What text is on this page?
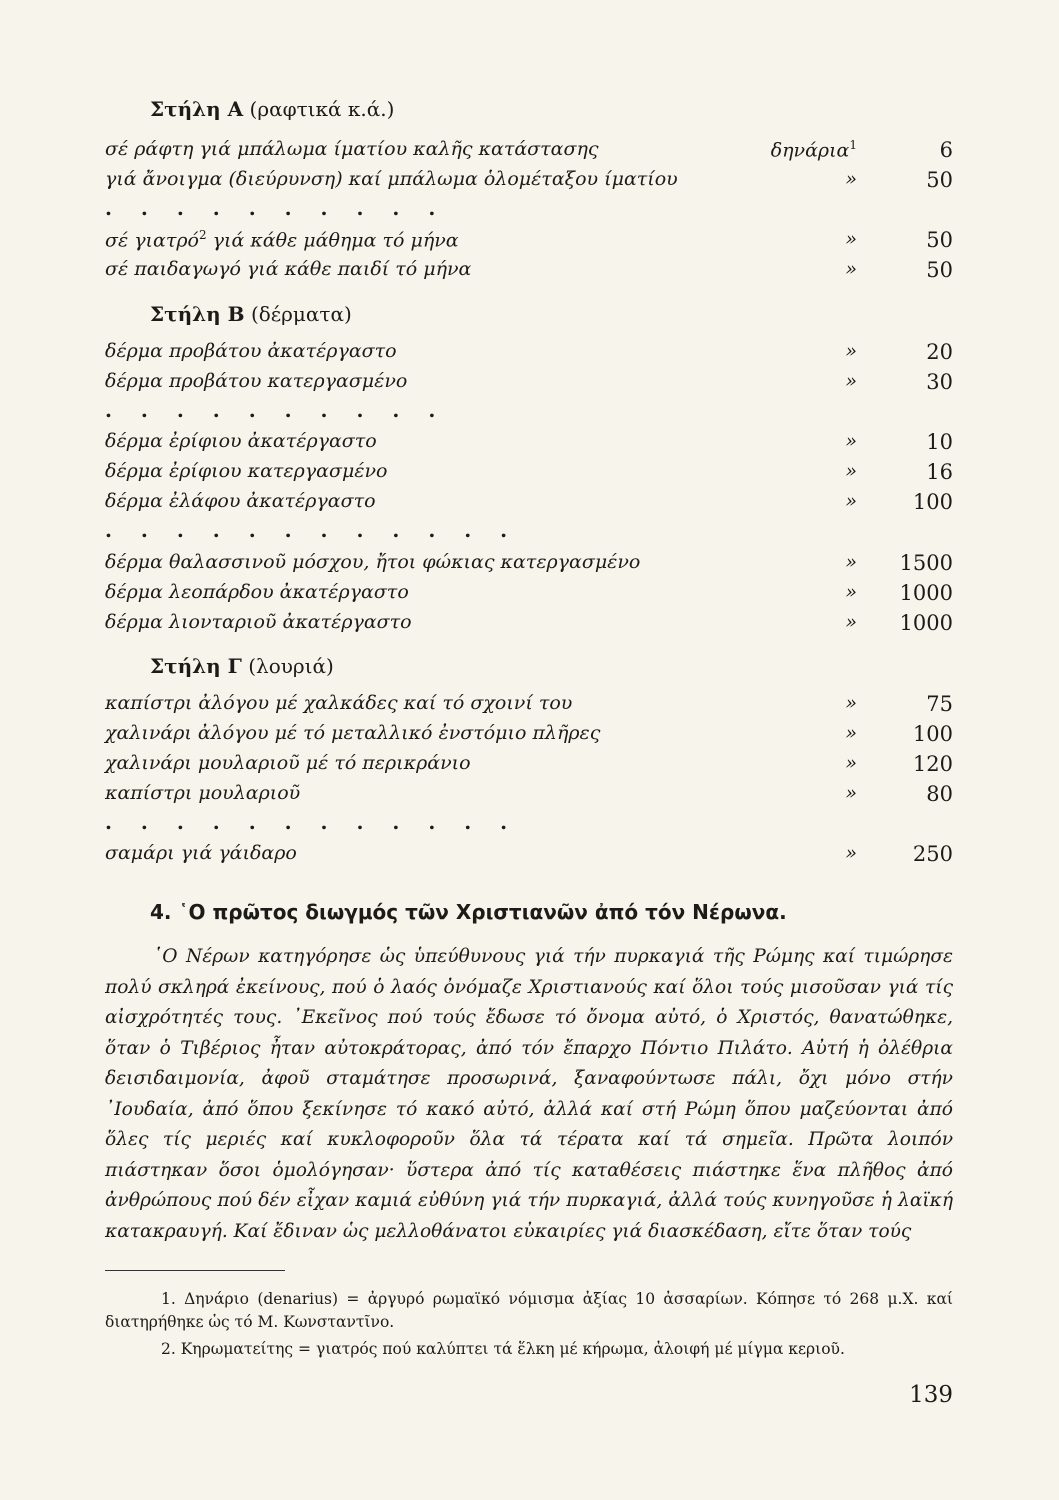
Στήλη Α (ραφτικά κ.ά.)
σέ ράφτη γιά μπάλωμα ίματίου καλῆς κατάστασης	δηνάρια$^1$	6
γιά ἄνοιγμα (διεύρυνση) καί μπάλωμα ὁλομέταξου ίματίου	»	50
. . . . . . . . . .
σέ γιατρό$^2$ γιά κάθε μάθημα τό μήνα	»	50
σέ παιδαγωγό γιά κάθε παιδί τό μήνα	»	50
Στήλη Β (δέρματα)
δέρμα προβάτου ἀκατέργαστο	»	20
δέρμα προβάτου κατεργασμένο	»	30
. . . . . . . . . .
δέρμα ἐρίφιου ἀκατέργαστο	»	10
δέρμα ἐρίφιου κατεργασμένο	»	16
δέρμα ἐλάφου ἀκατέργαστο	»	100
. . . . . . . . . . . .
δέρμα θαλασσινοῦ μόσχου, ἤτοι φώκιας κατεργασμένο	» 1500
δέρμα λεοπάρδου ἀκατέργαστο	» 1000
δέρμα λιονταριοῦ ἀκατέργαστο	» 1000
Στήλη Γ (λουριά)
καπίστρι ἀλόγου μέ χαλκάδες καί τό σχοινί του	»	75
χαλινάρι ἀλόγου μέ τό μεταλλικό ἐνστόμιο πλῆρες	»	100
χαλινάρι μουλαριοῦ μέ τό περικράνιο	»	120
καπίστρι μουλαριοῦ	»	80
. . . . . . . . . . . .
σαμάρι γιά γάιδαρο	»	250
4. ῾Ο πρῶτος διωγμός τῶν Χριστιανῶν ἀπό τόν Νέρωνα.
῾Ο Νέρων κατηγόρησε ὡς ὑπεύθυνους γιά τήν πυρκαγιά τῆς Ρώμης καί τιμώρησε πολύ σκληρά ἐκείνους, πού ὁ λαός ὀνόμαζε Χριστιανούς καί ὅλοι τούς μισοῦσαν γιά τίς αἰσχρότητές τους. ᾿Εκεῖνος πού τούς ἔδωσε τό ὄνομα αὐτό, ὁ Χριστός, θανατώθηκε, ὅταν ὁ Τιβέριος ἦταν αὐτοκράτορας, ἀπό τόν ἔπαρχο Πόντιο Πιλάτο. Αὐτή ἡ ὀλέθρια δεισιδαιμονία, ἀφοῦ σταμάτησε προσωρινά, ξαναφούντωσε πάλι, ὄχι μόνο στήν ᾿Ιουδαία, ἀπό ὅπου ξεκίνησε τό κακό αὐτό, ἀλλά καί στή Ρώμη ὅπου μαζεύονται ἀπό ὅλες τίς μεριές καί κυκλοφοροῦν ὅλα τά τέρατα καί τά σημεῖα. Πρῶτα λοιπόν πιάστηκαν ὅσοι ὁμολόγησαν· ὕστερα ἀπό τίς καταθέσεις πιάστηκε ἕνα πλῆθος ἀπό ἀνθρώπους πού δέν εἶχαν καμιά εὐθύνη γιά τήν πυρκαγιά, ἀλλά τούς κυνηγοῦσε ἡ λαϊκή κατακραυγή. Καί ἔδιναν ὡς μελλοθάνατοι εὐκαιρίες γιά διασκέδαση, εἴτε ὅταν τούς
1. Δηνάριο (denarius) = ἀργυρό ρωμαϊκό νόμισμα ἀξίας 10 ἀσσαρίων. Κόπησε τό 268 μ.Χ. καί διατηρήθηκε ὡς τό Μ. Κωνσταντῖνο.
2. Κηρωματείτης = γιατρός πού καλύπτει τά ἕλκη μέ κήρωμα, ἀλοιφή μέ μίγμα κεριοῦ.
139
